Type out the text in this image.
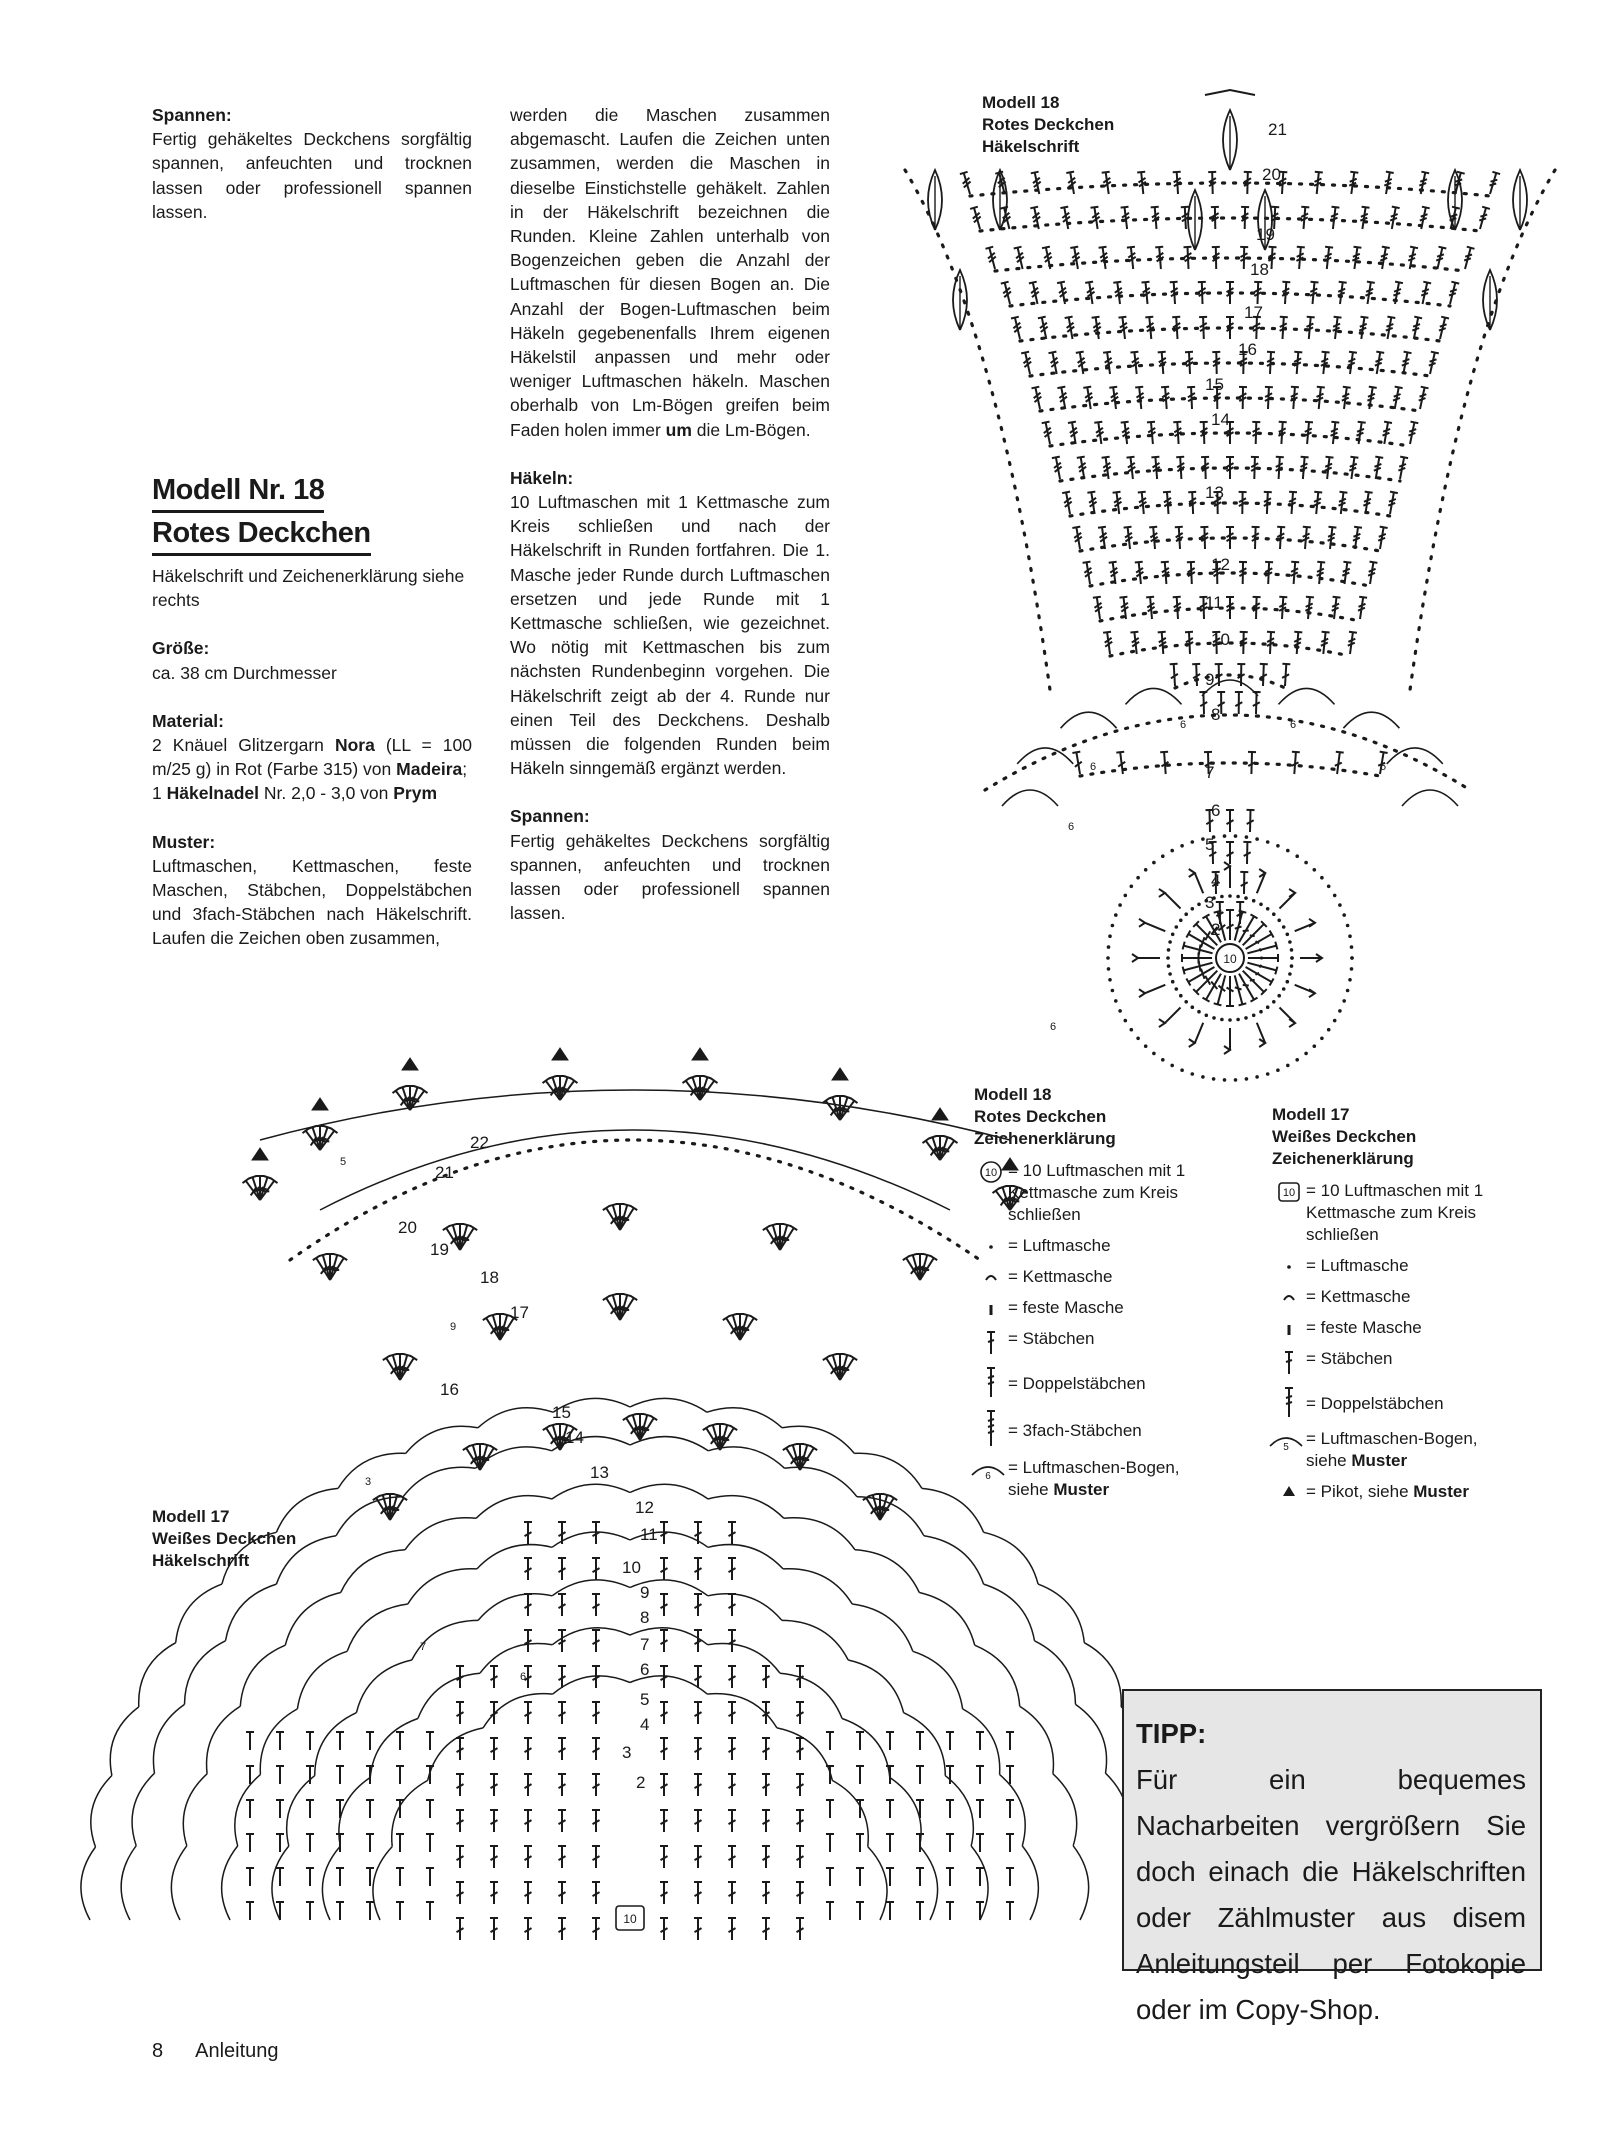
Spannen:

Fertig gehäkeltes Deckchens sorgfältig spannen, anfeuchten und trocknen lassen oder professionell spannen lassen.

Modell Nr. 18
Rotes Deckchen

Häkelschrift und Zeichenerklärung siehe rechts

Größe:

ca. 38 cm Durchmesser

Material:

2 Knäuel Glitzergarn Nora (LL = 100 m/25 g) in Rot (Farbe 315) von Madeira;
1 Häkelnadel Nr. 2,0 - 3,0 von Prym

Muster:

Luftmaschen, Kettmaschen, feste Maschen, Stäbchen, Doppelstäbchen und 3fach-Stäbchen nach Häkelschrift. Laufen die Zeichen oben zusammen,

werden die Maschen zusammen abgemascht. Laufen die Zeichen unten zusammen, werden die Maschen in dieselbe Einstichstelle gehäkelt. Zahlen in der Häkelschrift bezeichnen die Runden. Kleine Zahlen unterhalb von Bogenzeichen geben die Anzahl der Luftmaschen für diesen Bogen an. Die Anzahl der Bogen-Luftmaschen beim Häkeln gegebenenfalls Ihrem eigenen Häkelstil anpassen und mehr oder weniger Luftmaschen häkeln. Maschen oberhalb von Lm-Bögen greifen beim Faden holen immer um die Lm-Bögen.

Häkeln:

10 Luftmaschen mit 1 Kettmasche zum Kreis schließen und nach der Häkelschrift in Runden fortfahren. Die 1. Masche jeder Runde durch Luftmaschen ersetzen und jede Runde mit 1 Kettmasche schließen, wie gezeichnet. Wo nötig mit Kettmaschen bis zum nächsten Rundenbeginn vorgehen. Die Häkelschrift zeigt ab der 4. Runde nur einen Teil des Deckchens. Deshalb müssen die folgenden Runden beim Häkeln sinngemäß ergänzt werden.

Spannen:

Fertig gehäkeltes Deckchens sorgfältig spannen, anfeuchten und trocknen lassen oder professionell spannen lassen.

Modell 18
Rotes Deckchen
Häkelschrift
Modell 17
Weißes Deckchen
Häkelschrift
10
21
20
19
18
17
16
15
14
13
12
11
10
9
8
7
6
5
4
3
2
6
6
6
6	6
6
10
22
21
20
19
18
17
16
15
14
13
12
11
10
9
8
7
6
5
4
3
2
5
7
6
9
3
Modell 18
Rotes Deckchen
Zeichenerklärung
10 = 10 Luftmaschen mit 1 Kettmasche zum Kreis schließen
= Luftmasche
= Kettmasche
= feste Masche
= Stäbchen
= Doppelstäbchen
= 3fach-Stäbchen
6 = Luftmaschen-Bogen, siehe Muster
Modell 17
Weißes Deckchen
Zeichenerklärung
10 = 10 Luftmaschen mit 1 Kettmasche zum Kreis schließen
= Luftmasche
= Kettmasche
= feste Masche
= Stäbchen
= Doppelstäbchen
5 = Luftmaschen-Bogen, siehe Muster
= Pikot, siehe Muster
TIPP:
Für ein bequemes Nacharbeiten vergrößern Sie doch einach die Häkelschriften oder Zählmuster aus disem Anleitungsteil per Fotokopie oder im Copy-Shop.
8 Anleitung
